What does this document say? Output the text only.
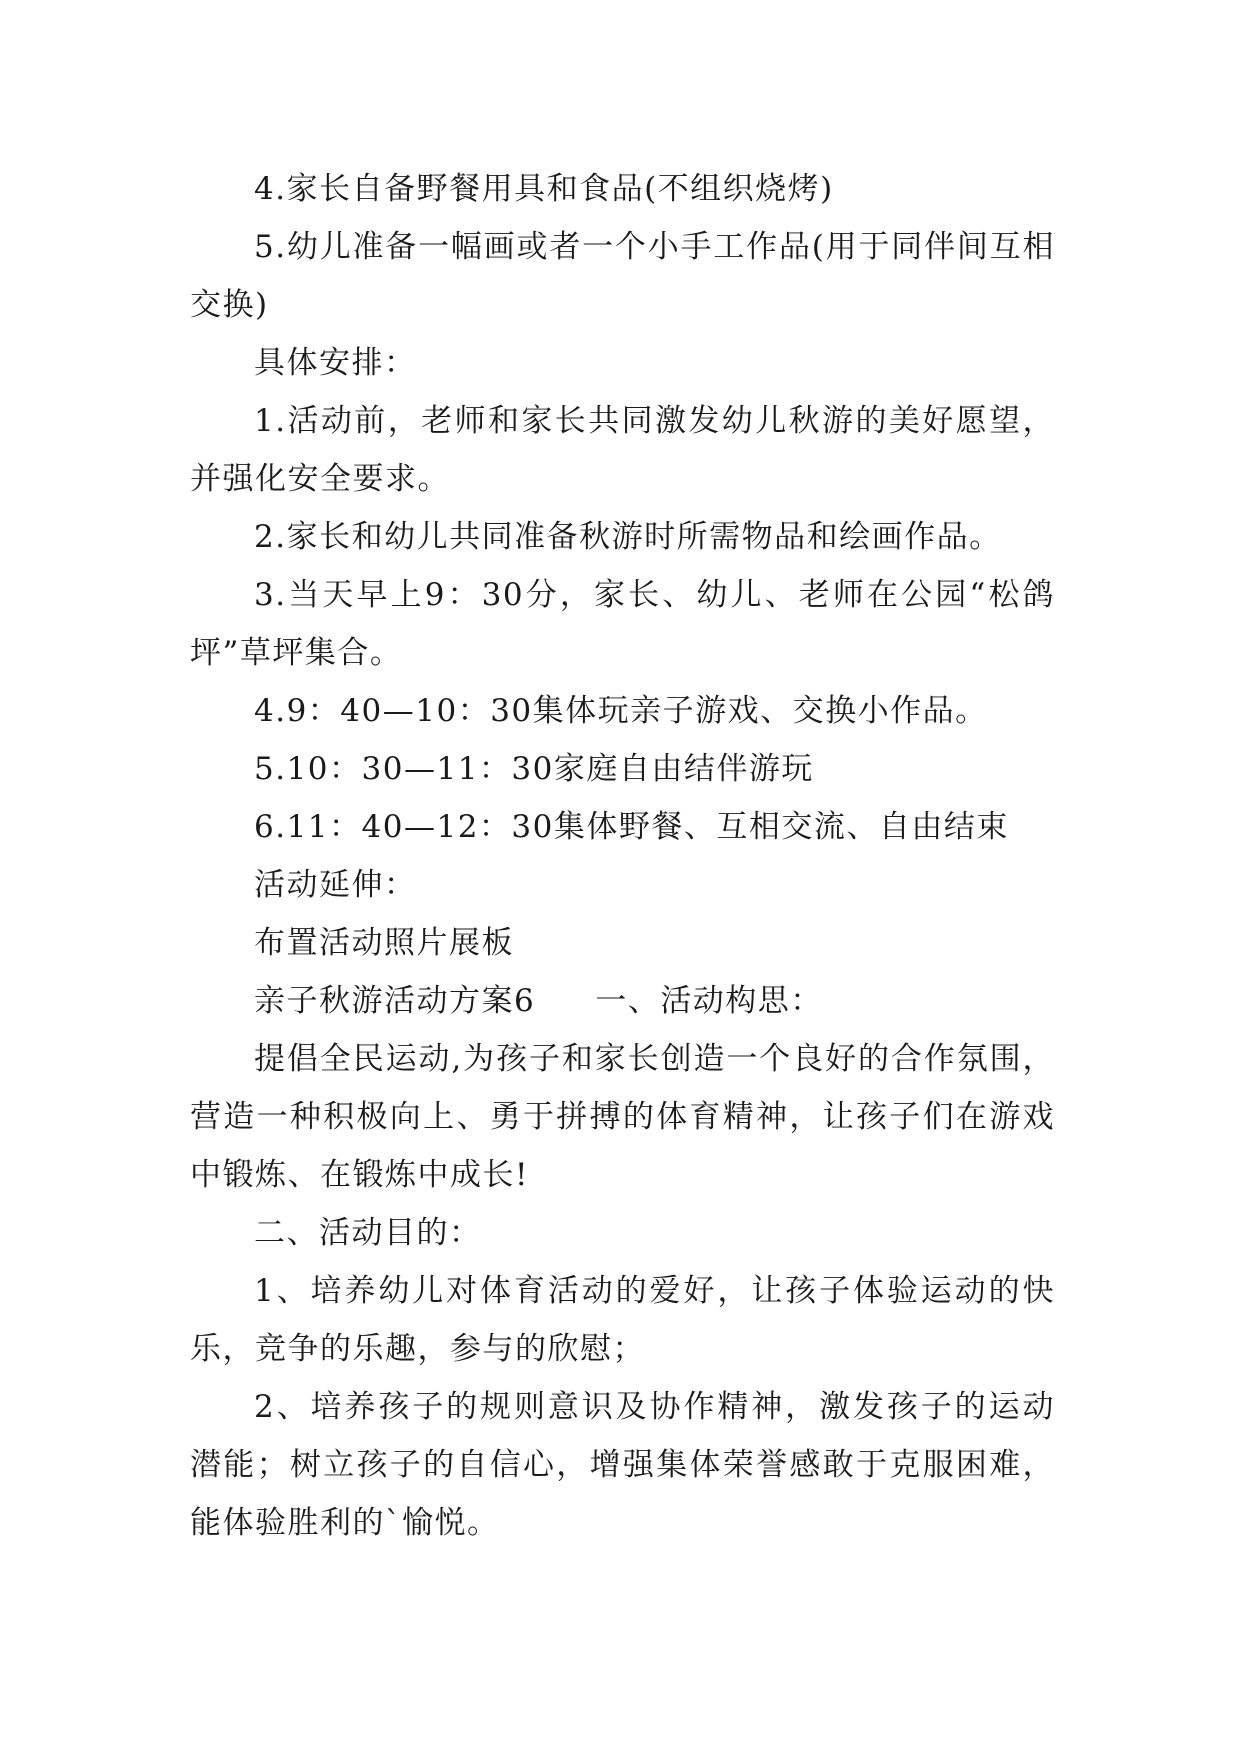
4.家长自备野餐用具和食品(不组织烧烤)

5.幼儿准备一幅画或者一个小手工作品(用于同伴间互相交换)

具体安排：

1.活动前，老师和家长共同激发幼儿秋游的美好愿望，并强化安全要求。

2.家长和幼儿共同准备秋游时所需物品和绘画作品。

3.当天早上9：30分，家长、幼儿、老师在公园“松鸽坪”草坪集合。

4.9：40—10：30集体玩亲子游戏、交换小作品。

5.10：30—11：30家庭自由结伴游玩

6.11：40—12：30集体野餐、互相交流、自由结束

活动延伸：

布置活动照片展板

亲子秋游活动方案6 一、活动构思：

提倡全民运动,为孩子和家长创造一个良好的合作氛围，营造一种积极向上、勇于拼搏的体育精神，让孩子们在游戏中锻炼、在锻炼中成长!

二、活动目的：

1、培养幼儿对体育活动的爱好，让孩子体验运动的快乐，竞争的乐趣，参与的欣慰；

2、培养孩子的规则意识及协作精神，激发孩子的运动潜能；树立孩子的自信心，增强集体荣誉感敢于克服困难，能体验胜利的`愉悦。
